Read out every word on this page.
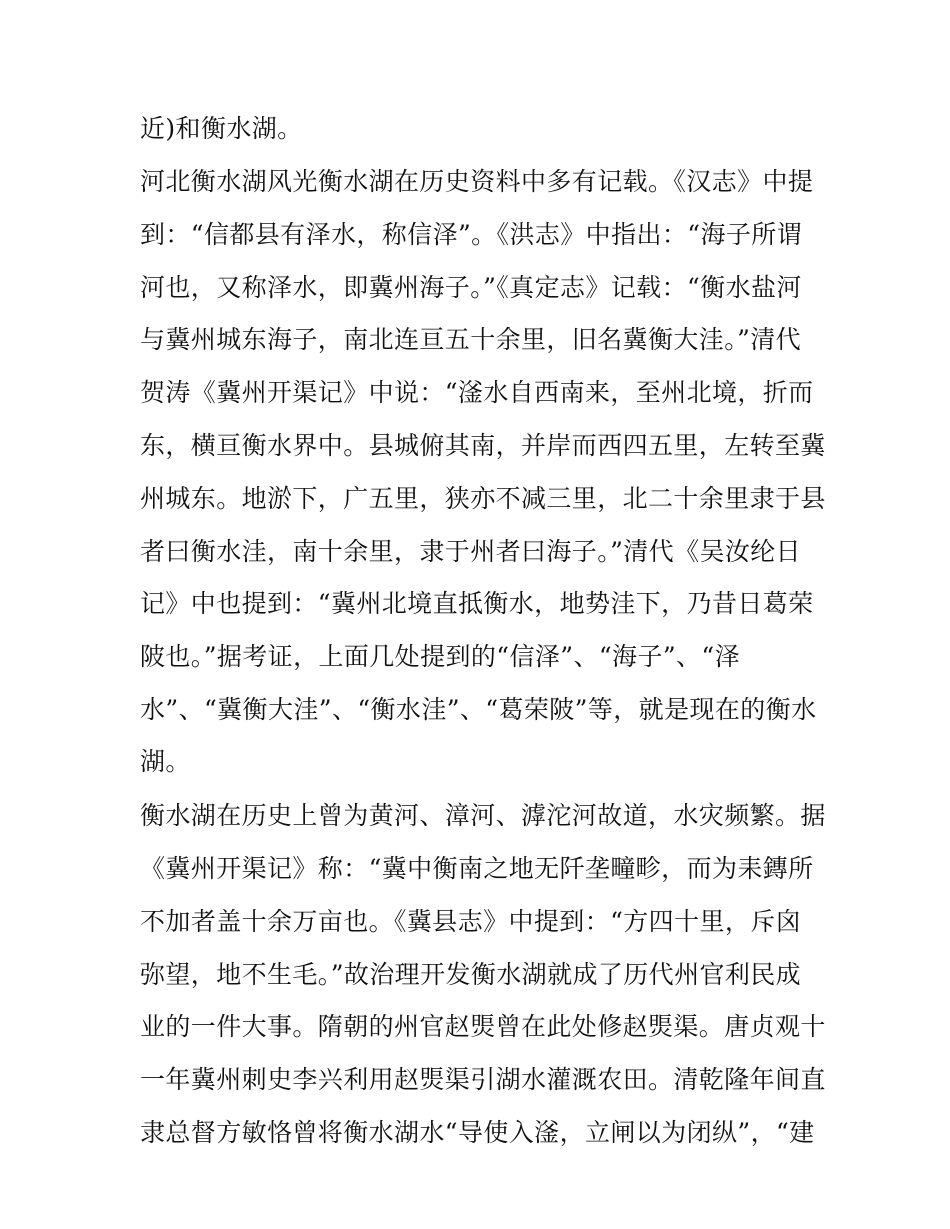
近)和衡水湖。
河北衡水湖风光衡水湖在历史资料中多有记载。《汉志》中提
到：“信都县有泽水，称信泽”。《洪志》中指出：“海子所谓
河也，又称泽水，即冀州海子。”《真定志》记载：“衡水盐河
与冀州城东海子，南北连亘五十余里，旧名冀衡大洼。”清代
贺涛《冀州开渠记》中说：“滏水自西南来，至州北境，折而
东，横亘衡水界中。县城俯其南，并岸而西四五里，左转至冀
州城东。地淤下，广五里，狭亦不减三里，北二十余里隶于县
者曰衡水洼，南十余里，隶于州者曰海子。”清代《吴汝纶日
记》中也提到：“冀州北境直抵衡水，地势洼下，乃昔日葛荣
陂也。”据考证，上面几处提到的“信泽”、“海子”、“泽
水”、“冀衡大洼”、“衡水洼”、“葛荣陂”等，就是现在的衡水
湖。
衡水湖在历史上曾为黄河、漳河、滹沱河故道，水灾频繁。据
《冀州开渠记》称：“冀中衡南之地无阡垄疃畛，而为耒鏄所
不加者盖十余万亩也。《冀县志》中提到：“方四十里，斥囟
弥望，地不生毛。”故治理开发衡水湖就成了历代州官利民成
业的一件大事。隋朝的州官赵煚曾在此处修赵煚渠。唐贞观十
一年冀州刺史李兴利用赵煚渠引湖水灌溉农田。清乾隆年间直
隶总督方敏恪曾将衡水湖水“导使入滏，立闸以为闭纵”，“建
